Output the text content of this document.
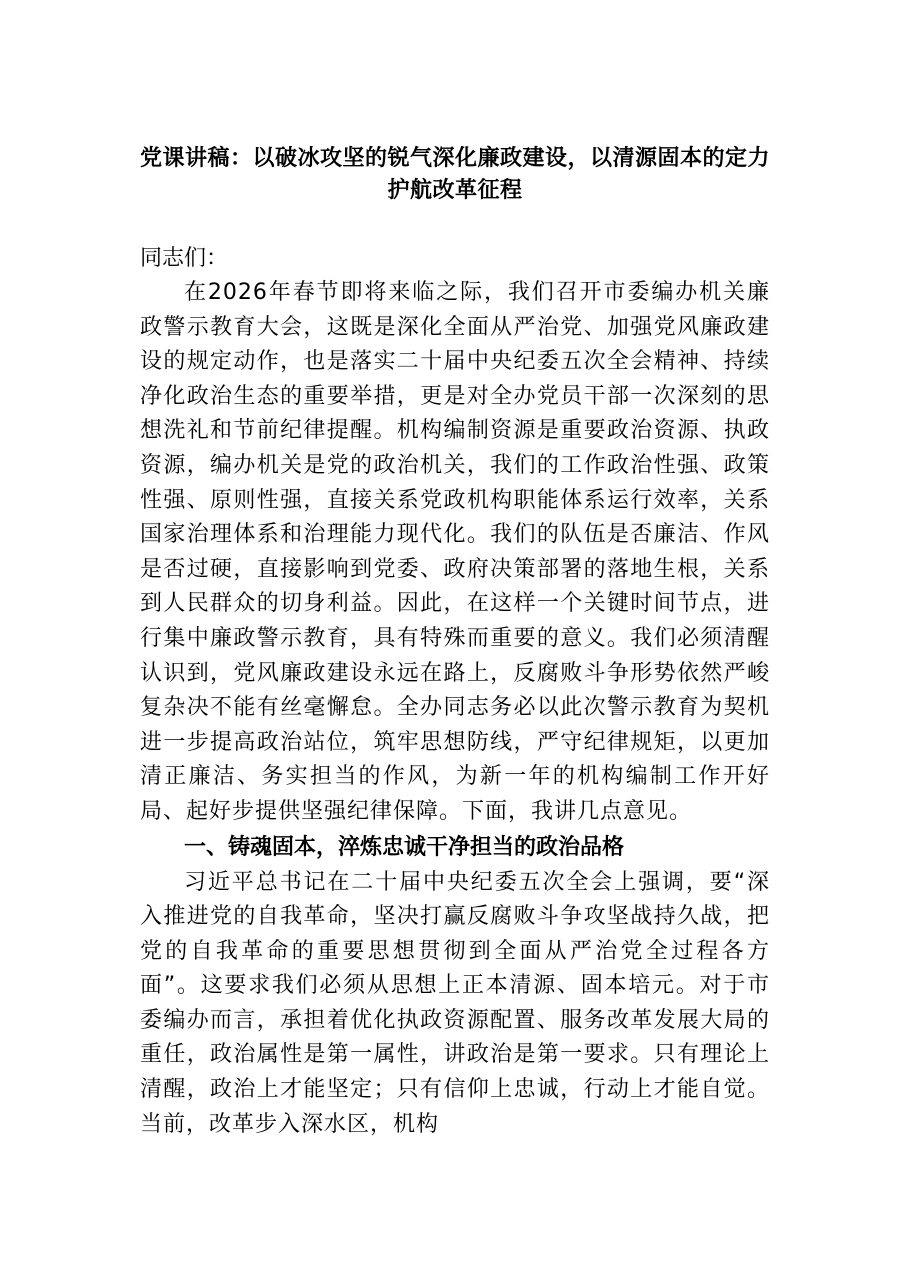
党课讲稿：以破冰攻坚的锐气深化廉政建设，以清源固本的定力护航改革征程

同志们：

在2026年春节即将来临之际，我们召开市委编办机关廉政警示教育大会，这既是深化全面从严治党、加强党风廉政建设的规定动作，也是落实二十届中央纪委五次全会精神、持续净化政治生态的重要举措，更是对全办党员干部一次深刻的思想洗礼和节前纪律提醒。机构编制资源是重要政治资源、执政资源，编办机关是党的政治机关，我们的工作政治性强、政策性强、原则性强，直接关系党政机构职能体系运行效率，关系国家治理体系和治理能力现代化。我们的队伍是否廉洁、作风是否过硬，直接影响到党委、政府决策部署的落地生根，关系到人民群众的切身利益。因此，在这样一个关键时间节点，进行集中廉政警示教育，具有特殊而重要的意义。我们必须清醒认识到，党风廉政建设永远在路上，反腐败斗争形势依然严峻复杂决不能有丝毫懈怠。全办同志务必以此次警示教育为契机进一步提高政治站位，筑牢思想防线，严守纪律规矩，以更加清正廉洁、务实担当的作风，为新一年的机构编制工作开好局、起好步提供坚强纪律保障。下面，我讲几点意见。

一、铸魂固本，淬炼忠诚干净担当的政治品格

习近平总书记在二十届中央纪委五次全会上强调，要“深入推进党的自我革命，坚决打赢反腐败斗争攻坚战持久战，把党的自我革命的重要思想贯彻到全面从严治党全过程各方面”。这要求我们必须从思想上正本清源、固本培元。对于市委编办而言，承担着优化执政资源配置、服务改革发展大局的重任，政治属性是第一属性，讲政治是第一要求。只有理论上清醒，政治上才能坚定；只有信仰上忠诚，行动上才能自觉。当前，改革步入深水区，机构
